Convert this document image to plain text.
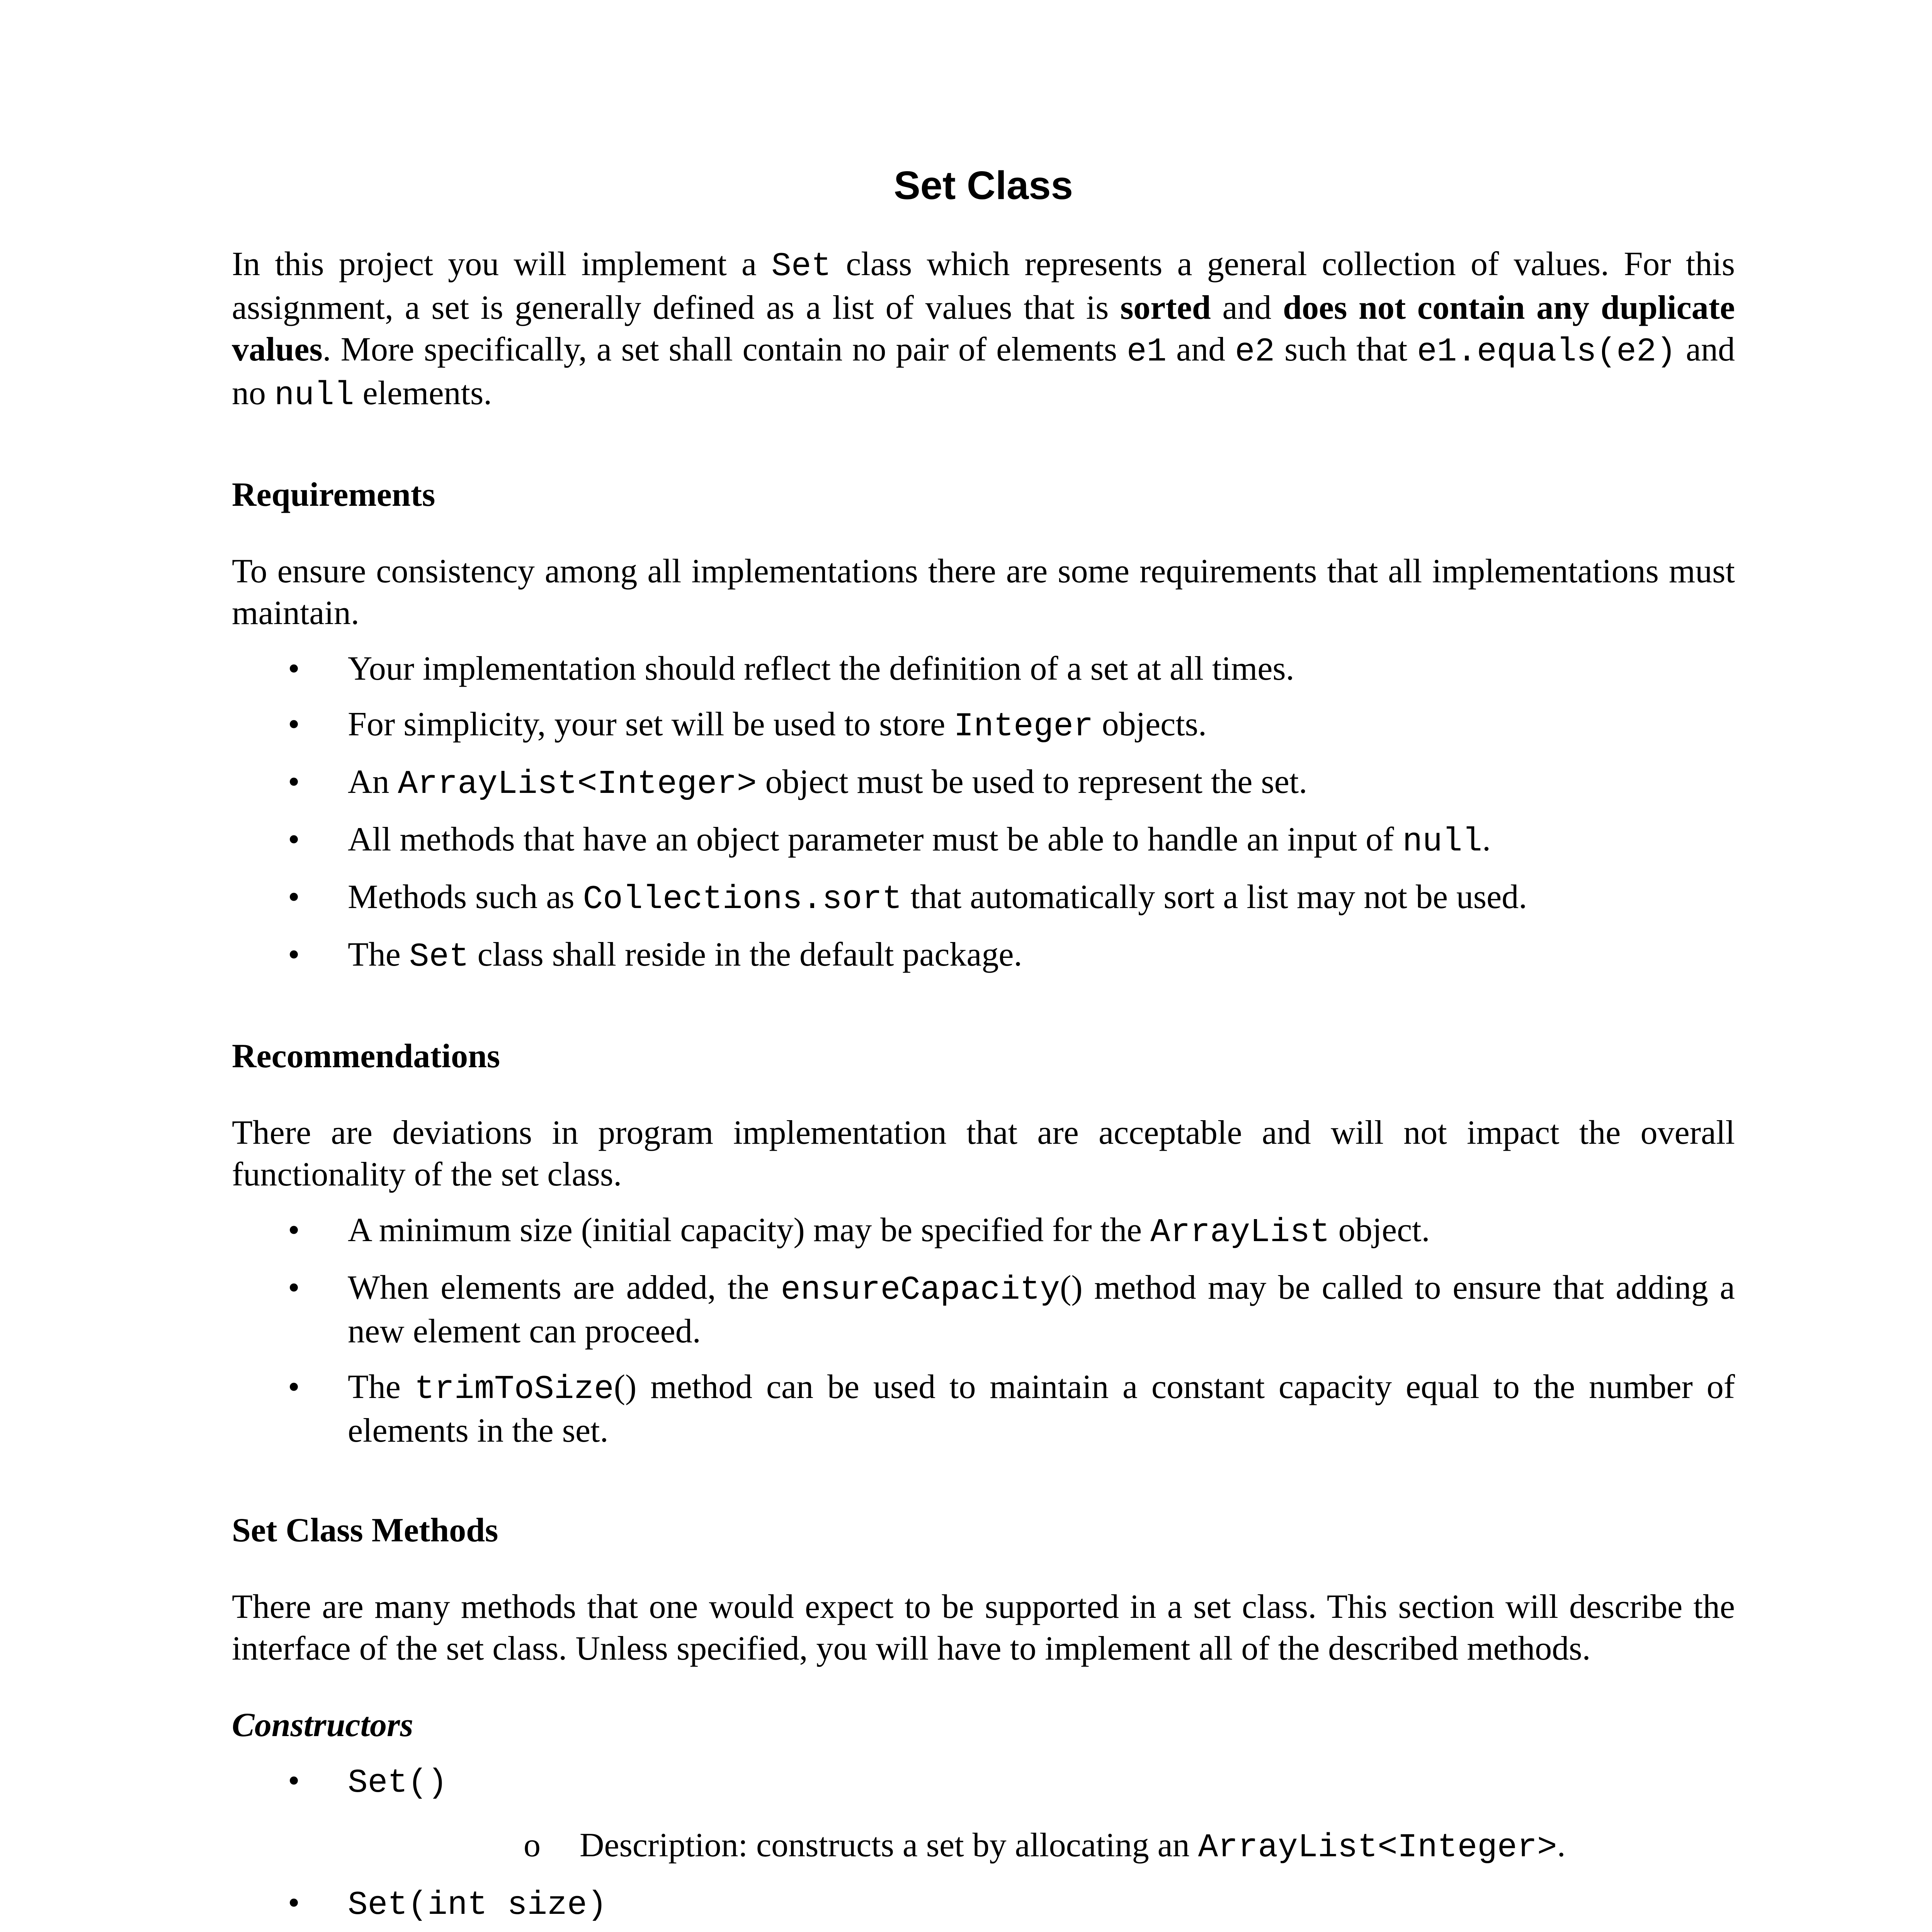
Set Class

In this project you will implement a Set class which represents a general collection of values. For this assignment, a set is generally defined as a list of values that is sorted and does not contain any duplicate values. More specifically, a set shall contain no pair of elements e1 and e2 such that e1.equals(e2) and no null elements.

Requirements

To ensure consistency among all implementations there are some requirements that all implementations must maintain.

• Your implementation should reflect the definition of a set at all times.
• For simplicity, your set will be used to store Integer objects.
• An ArrayList<Integer> object must be used to represent the set.
• All methods that have an object parameter must be able to handle an input of null.
• Methods such as Collections.sort that automatically sort a list may not be used.
• The Set class shall reside in the default package.
Recommendations

There are deviations in program implementation that are acceptable and will not impact the overall functionality of the set class.

• A minimum size (initial capacity) may be specified for the ArrayList object.
• When elements are added, the ensureCapacity() method may be called to ensure that adding a new element can proceed.
• The trimToSize() method can be used to maintain a constant capacity equal to the number of elements in the set.
Set Class Methods

There are many methods that one would expect to be supported in a set class. This section will describe the interface of the set class. Unless specified, you will have to implement all of the described methods.

Constructors
• Set()
o Description: constructs a set by allocating an ArrayList<Integer>.
• Set(int size)
